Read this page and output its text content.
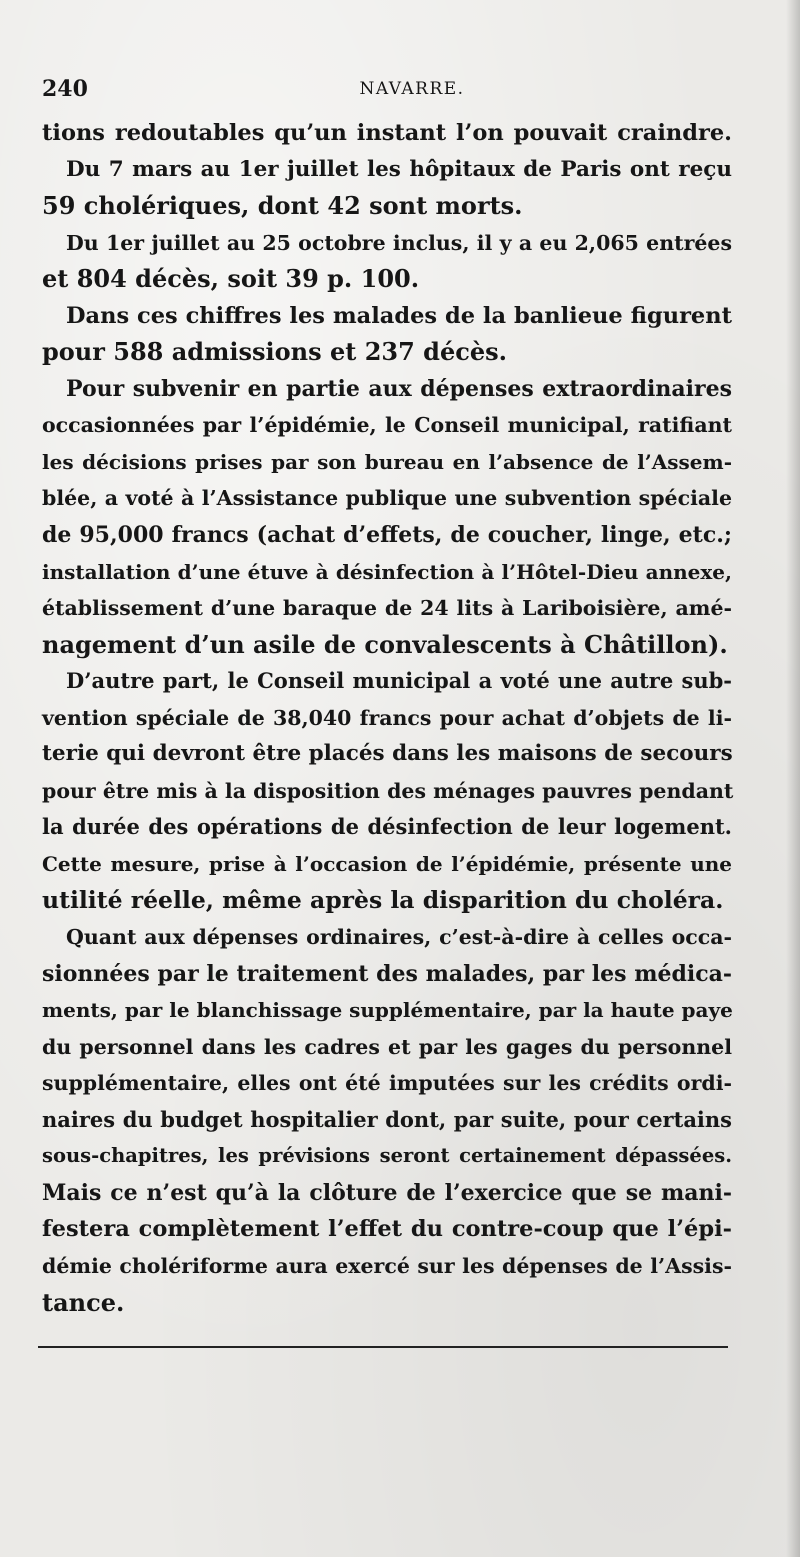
240	NAVARRE.
tions redoutables qu’un instant l’on pouvait craindre.
Du 7 mars au 1er juillet les hôpitaux de Paris ont reçu
59 cholériques, dont 42 sont morts.
Du 1er juillet au 25 octobre inclus, il y a eu 2,065 entrées
et 804 décès, soit 39 p. 100.
Dans ces chiffres les malades de la banlieue figurent
pour 588 admissions et 237 décès.
Pour subvenir en partie aux dépenses extraordinaires
occasionnées par l’épidémie, le Conseil municipal, ratifiant
les décisions prises par son bureau en l’absence de l’Assem-
blée, a voté à l’Assistance publique une subvention spéciale
de 95,000 francs (achat d’effets, de coucher, linge, etc.;
installation d’une étuve à désinfection à l’Hôtel-Dieu annexe,
établissement d’une baraque de 24 lits à Lariboisière, amé-
nagement d’un asile de convalescents à Châtillon).
D’autre part, le Conseil municipal a voté une autre sub-
vention spéciale de 38,040 francs pour achat d’objets de li-
terie qui devront être placés dans les maisons de secours
pour être mis à la disposition des ménages pauvres pendant
la durée des opérations de désinfection de leur logement.
Cette mesure, prise à l’occasion de l’épidémie, présente une
utilité réelle, même après la disparition du choléra.
Quant aux dépenses ordinaires, c’est-à-dire à celles occa-
sionnées par le traitement des malades, par les médica-
ments, par le blanchissage supplémentaire, par la haute paye
du personnel dans les cadres et par les gages du personnel
supplémentaire, elles ont été imputées sur les crédits ordi-
naires du budget hospitalier dont, par suite, pour certains
sous-chapitres, les prévisions seront certainement dépassées.
Mais ce n’est qu’à la clôture de l’exercice que se mani-
festera complètement l’effet du contre-coup que l’épi-
démie cholériforme aura exercé sur les dépenses de l’Assis-
tance.
